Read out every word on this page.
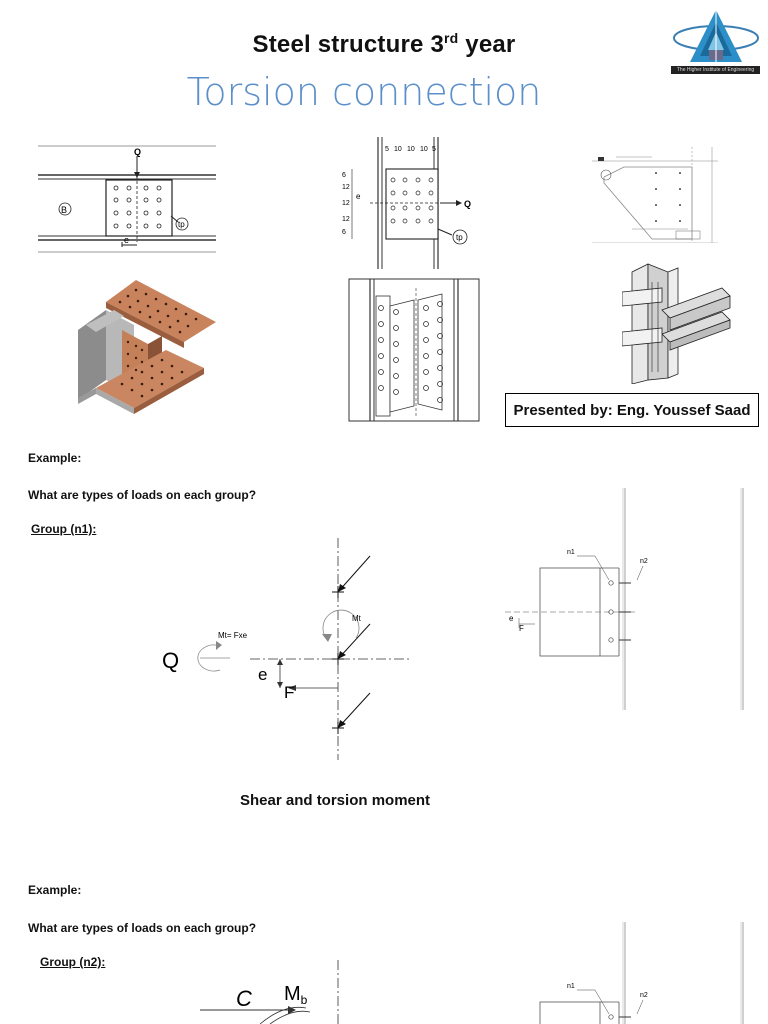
Steel structure 3rd year
Torsion connection	The Higher Institute of Engineering
Q
B
e
tp
5 10 10 10 5
6
12
12
12
6
e
Q
tp
Presented by: Eng. Youssef Saad
Example:
What are types of loads on each group?
Group (n1):
Mt
e
F
Q
Mt= Fxe
n1
n2
e
F
Shear and torsion moment
Example:
What are types of loads on each group?
Group (n2):
C $M_b$
n1
n2
